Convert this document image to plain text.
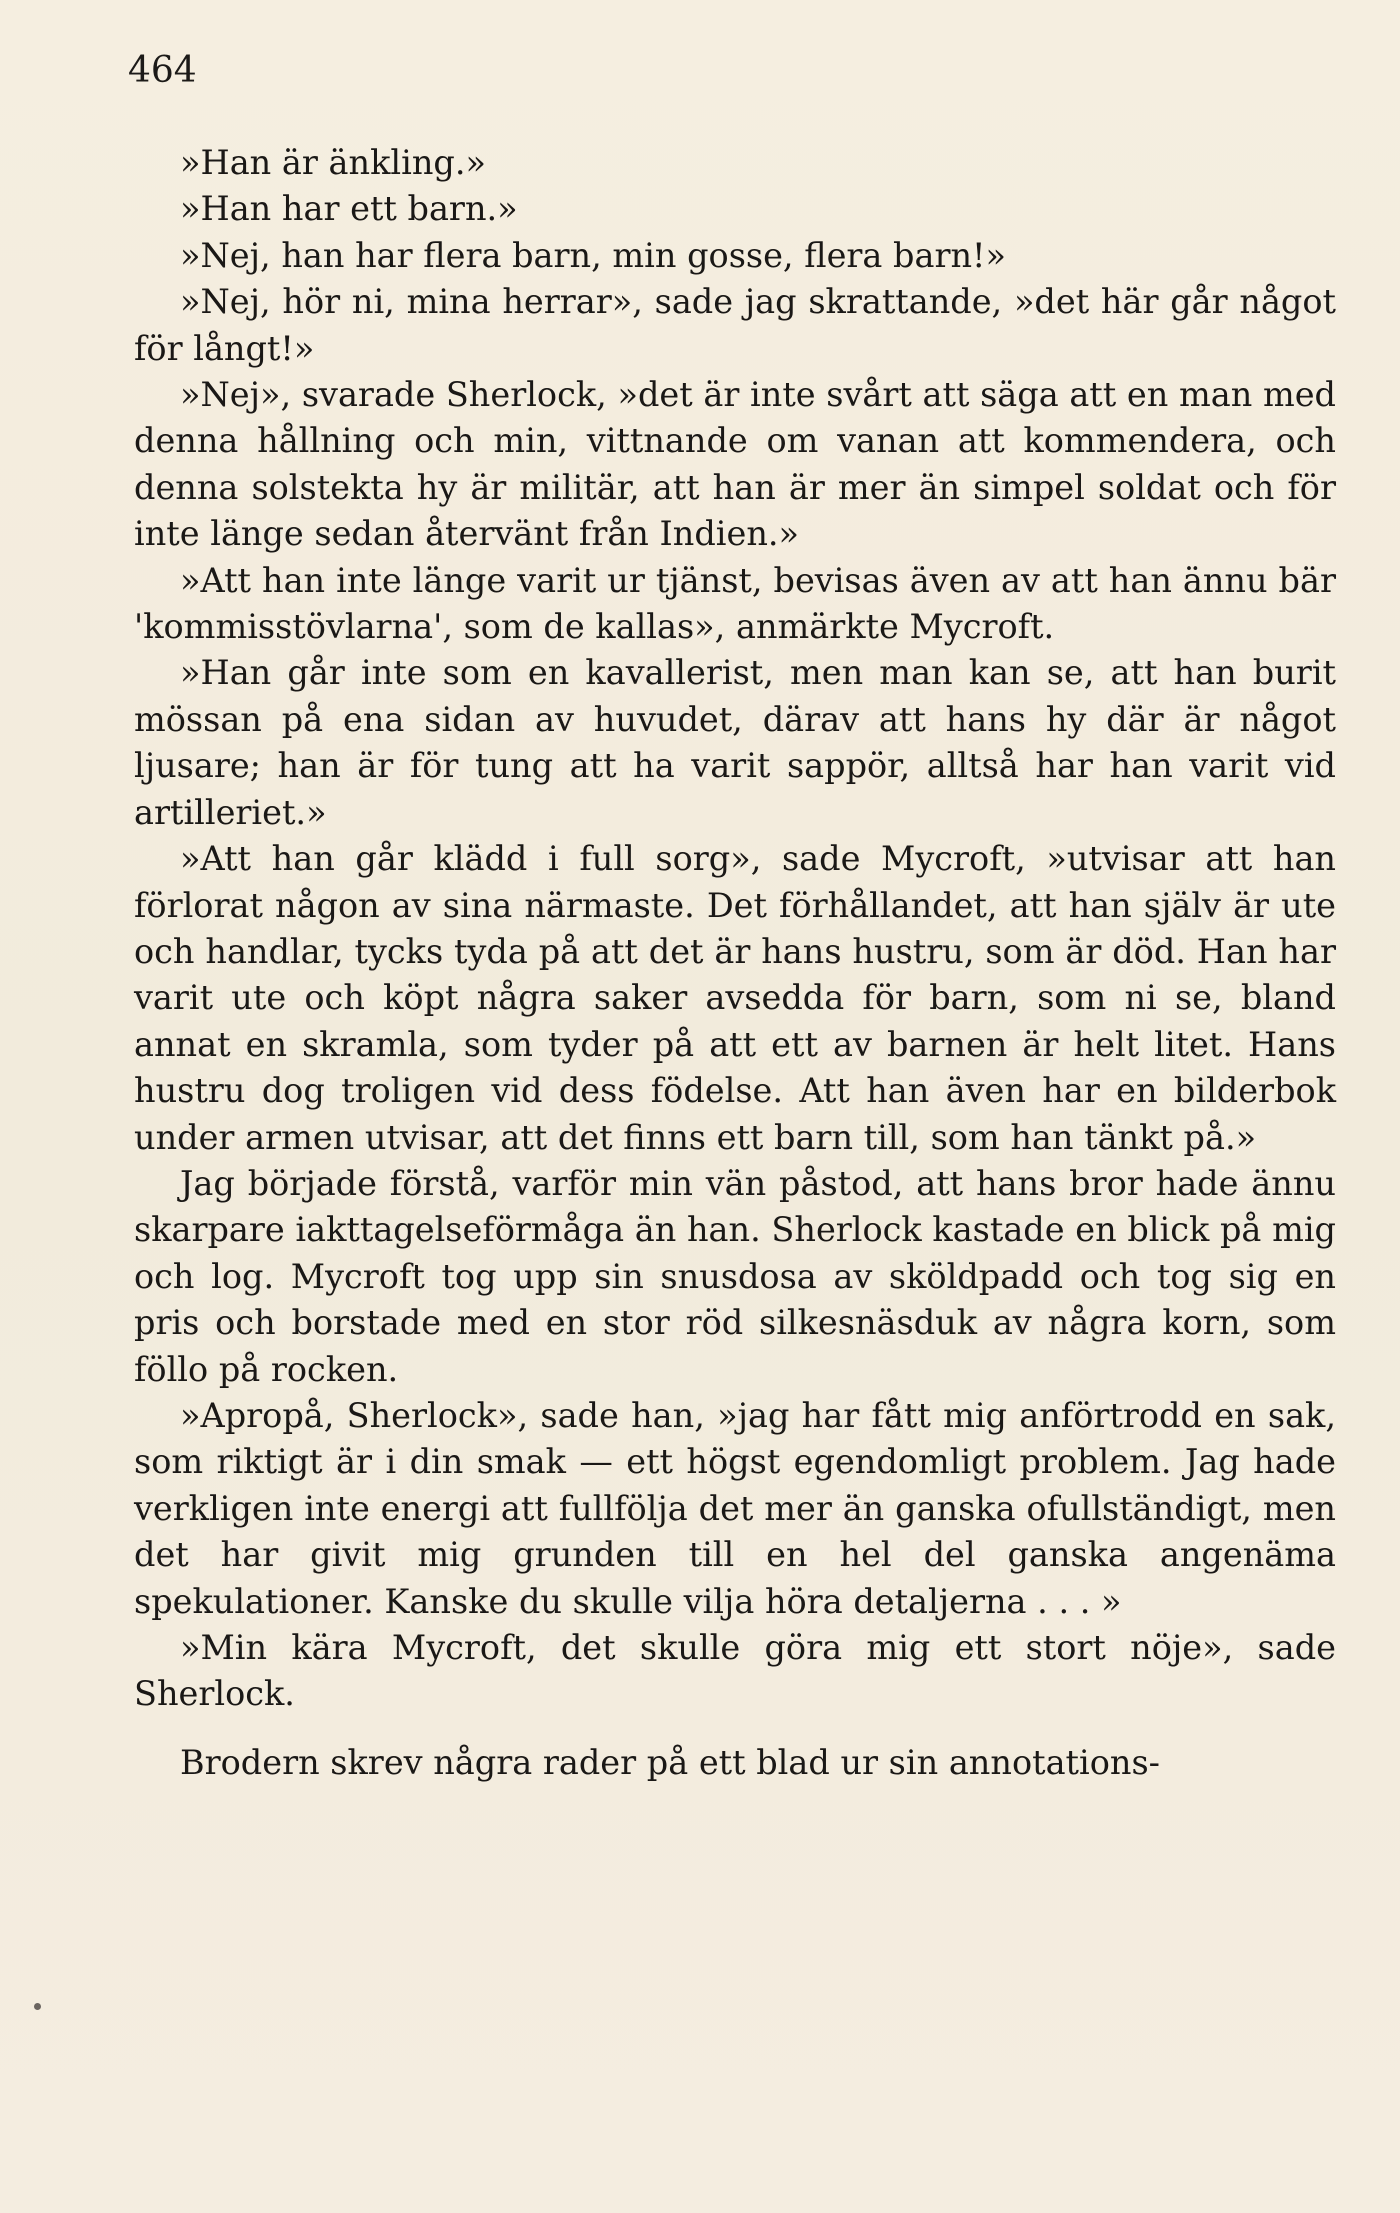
464

»Han är änkling.»

»Han har ett barn.»

»Nej, han har flera barn, min gosse, flera barn!»

»Nej, hör ni, mina herrar», sade jag skrattande, »det här går något för långt!»

»Nej», svarade Sherlock, »det är inte svårt att säga att en man med denna hållning och min, vittnande om vanan att kommendera, och denna solstekta hy är militär, att han är mer än simpel soldat och för inte länge sedan återvänt från Indien.»

»Att han inte länge varit ur tjänst, bevisas även av att han ännu bär 'kommisstövlarna', som de kallas», anmärkte Mycroft.

»Han går inte som en kavallerist, men man kan se, att han burit mössan på ena sidan av huvudet, därav att hans hy där är något ljusare; han är för tung att ha varit sappör, alltså har han varit vid artilleriet.»

»Att han går klädd i full sorg», sade Mycroft, »utvisar att han förlorat någon av sina närmaste. Det förhållandet, att han själv är ute och handlar, tycks tyda på att det är hans hustru, som är död. Han har varit ute och köpt några saker avsedda för barn, som ni se, bland annat en skramla, som tyder på att ett av barnen är helt litet. Hans hustru dog troligen vid dess födelse. Att han även har en bilderbok under armen utvisar, att det finns ett barn till, som han tänkt på.»

Jag började förstå, varför min vän påstod, att hans bror hade ännu skarpare iakttagelseförmåga än han. Sherlock kastade en blick på mig och log. Mycroft tog upp sin snusdosa av sköldpadd och tog sig en pris och borstade med en stor röd silkesnäsduk av några korn, som föllo på rocken.

»Apropå, Sherlock», sade han, »jag har fått mig anförtrodd en sak, som riktigt är i din smak — ett högst egendomligt problem. Jag hade verkligen inte energi att fullfölja det mer än ganska ofullständigt, men det har givit mig grunden till en hel del ganska angenäma spekulationer. Kanske du skulle vilja höra detaljerna . . . »

»Min kära Mycroft, det skulle göra mig ett stort nöje», sade Sherlock.

Brodern skrev några rader på ett blad ur sin annotations-
